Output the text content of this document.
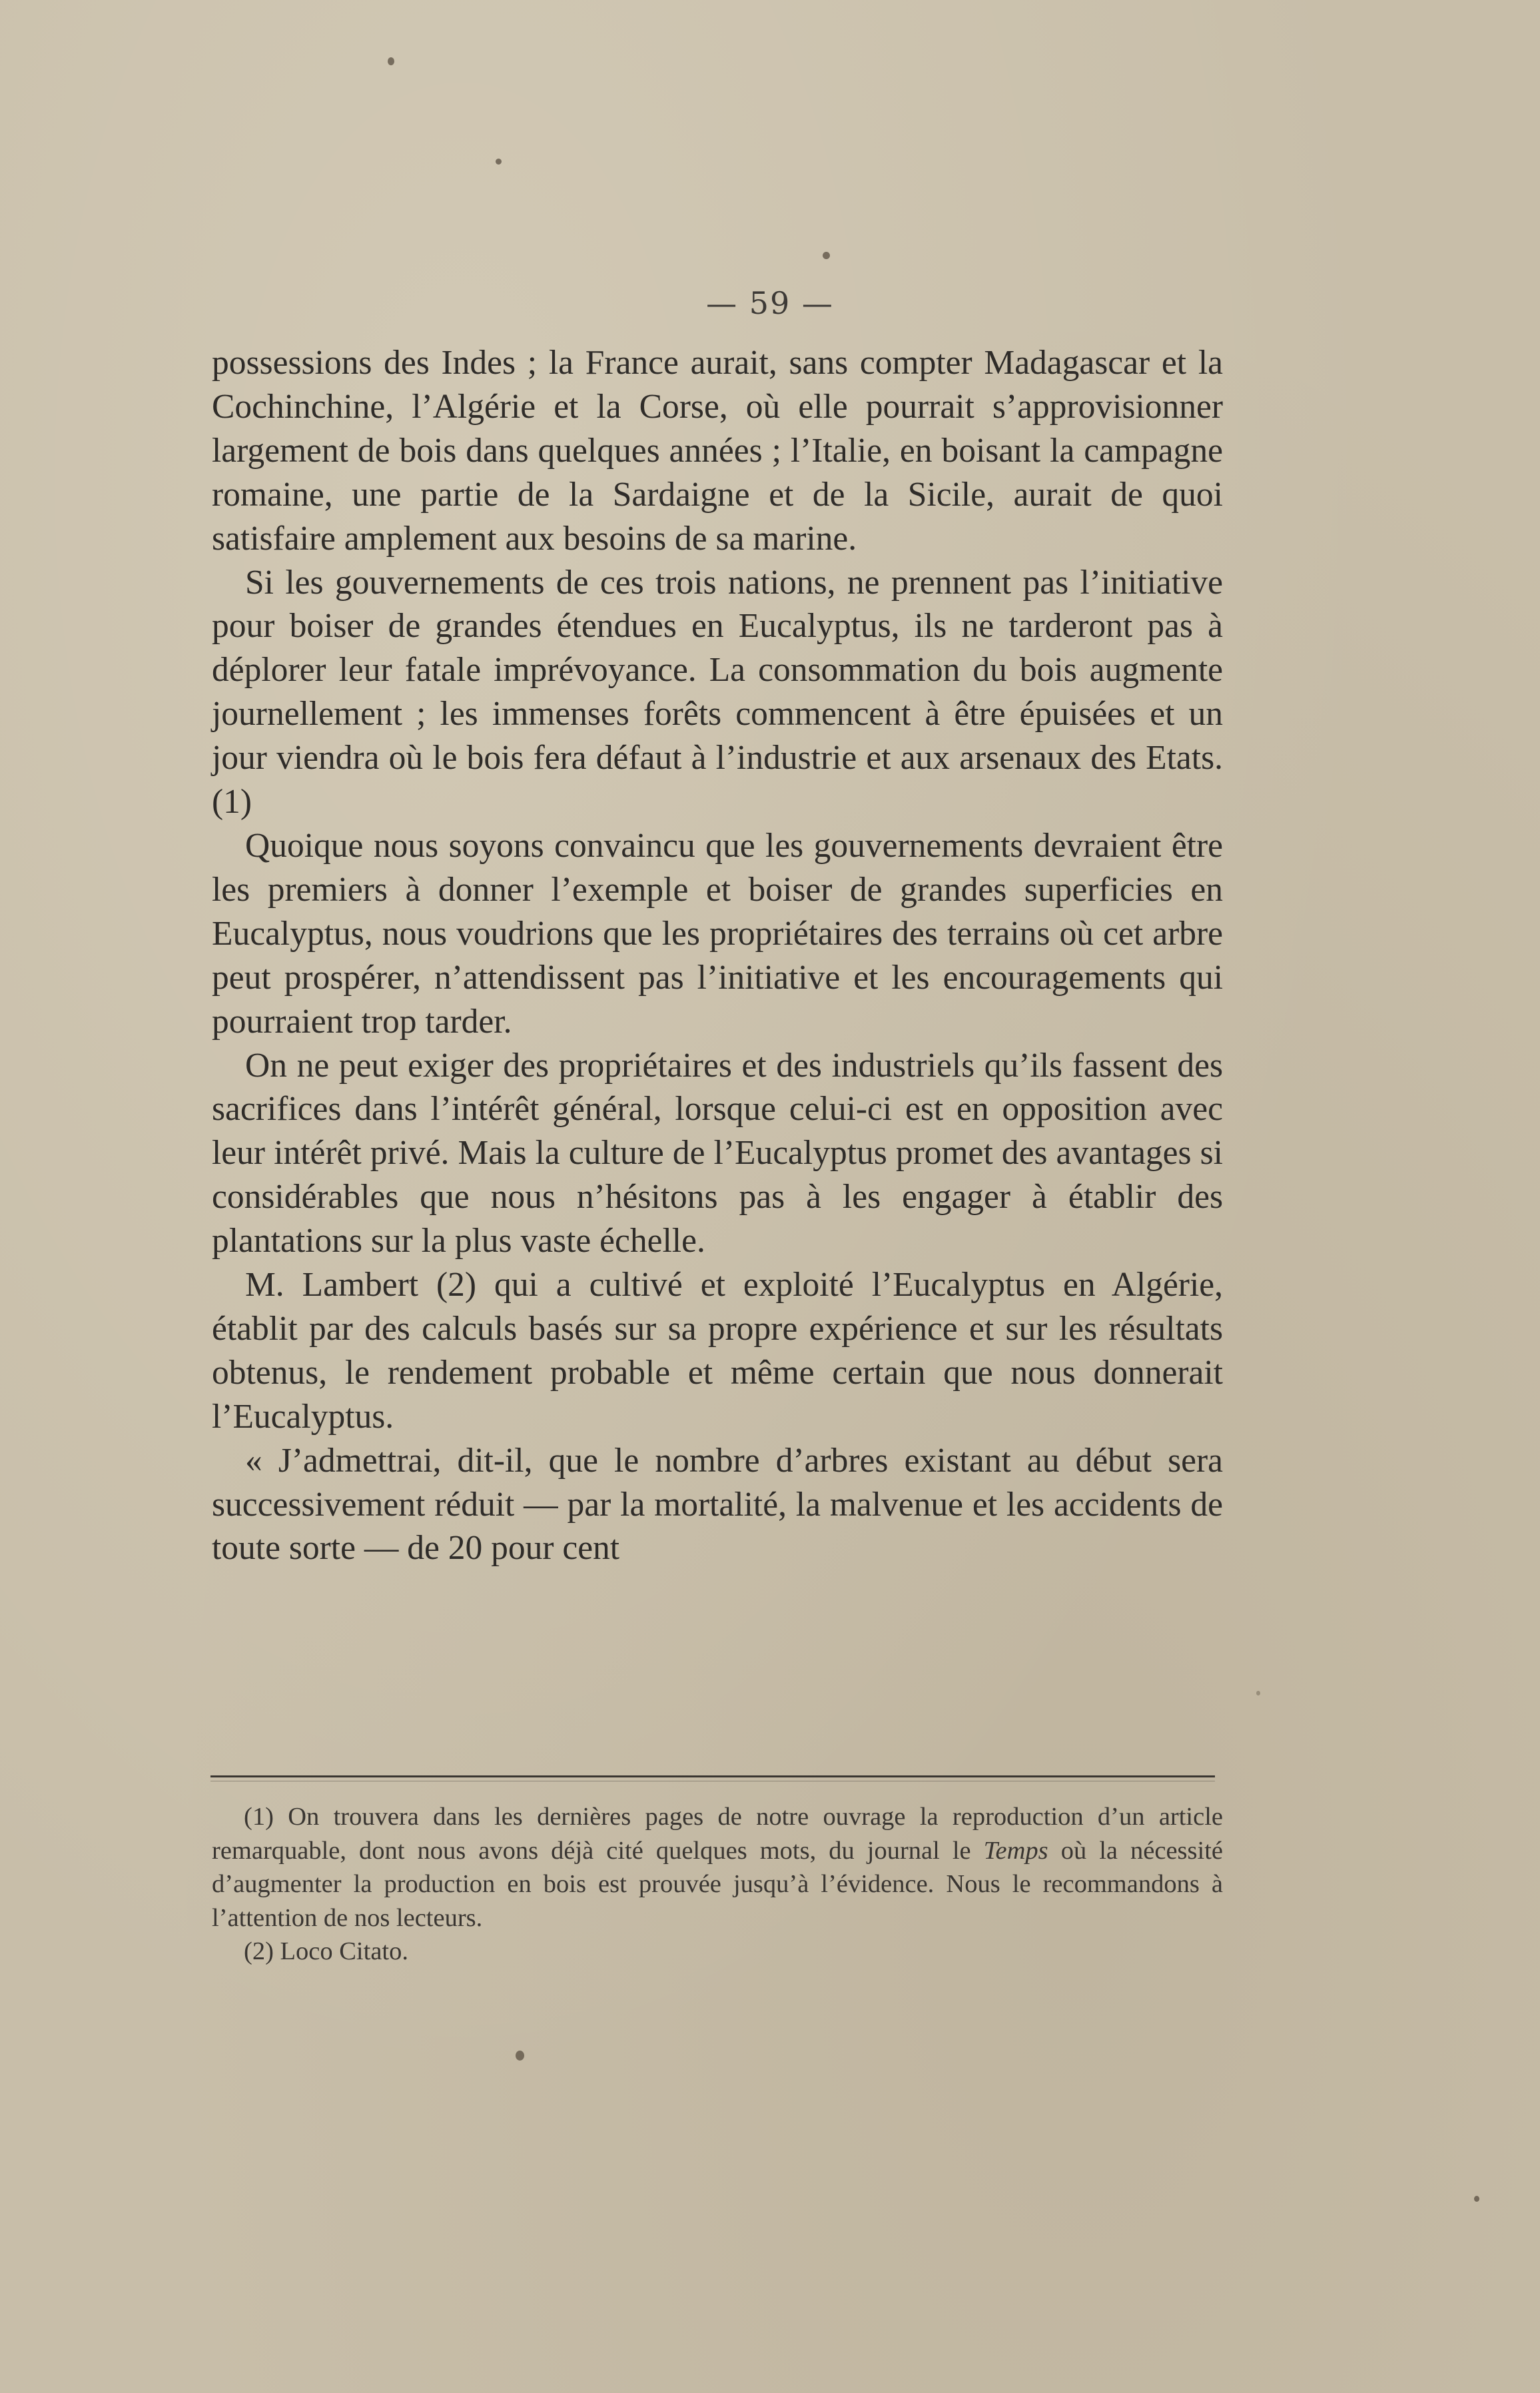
— 59 —

possessions des Indes ; la France aurait, sans compter Madagascar et la Cochinchine, l’Algérie et la Corse, où elle pourrait s’approvisionner largement de bois dans quelques années ; l’Italie, en boisant la campagne romaine, une partie de la Sardaigne et de la Sicile, aurait de quoi satisfaire amplement aux besoins de sa marine.

Si les gouvernements de ces trois nations, ne prennent pas l’initiative pour boiser de grandes étendues en Eucalyptus, ils ne tarderont pas à déplorer leur fatale imprévoyance. La consommation du bois augmente journellement ; les immenses forêts commencent à être épuisées et un jour viendra où le bois fera défaut à l’industrie et aux arsenaux des Etats. (1)

Quoique nous soyons convaincu que les gouvernements devraient être les premiers à donner l’exemple et boiser de grandes superficies en Eucalyptus, nous voudrions que les propriétaires des terrains où cet arbre peut prospérer, n’attendissent pas l’initiative et les encouragements qui pourraient trop tarder.

On ne peut exiger des propriétaires et des industriels qu’ils fassent des sacrifices dans l’intérêt général, lorsque celui-ci est en opposition avec leur intérêt privé. Mais la culture de l’Eucalyptus promet des avantages si considérables que nous n’hésitons pas à les engager à établir des plantations sur la plus vaste échelle.

M. Lambert (2) qui a cultivé et exploité l’Eucalyptus en Algérie, établit par des calculs basés sur sa propre expérience et sur les résultats obtenus, le rendement probable et même certain que nous donnerait l’Eucalyptus.

« J’admettrai, dit-il, que le nombre d’arbres existant au début sera successivement réduit — par la mortalité, la malvenue et les accidents de toute sorte — de 20 pour cent

(1) On trouvera dans les dernières pages de notre ouvrage la reproduction d’un article remarquable, dont nous avons déjà cité quelques mots, du journal le Temps où la nécessité d’augmenter la production en bois est prouvée jusqu’à l’évidence. Nous le recommandons à l’attention de nos lecteurs.

(2) Loco Citato.
